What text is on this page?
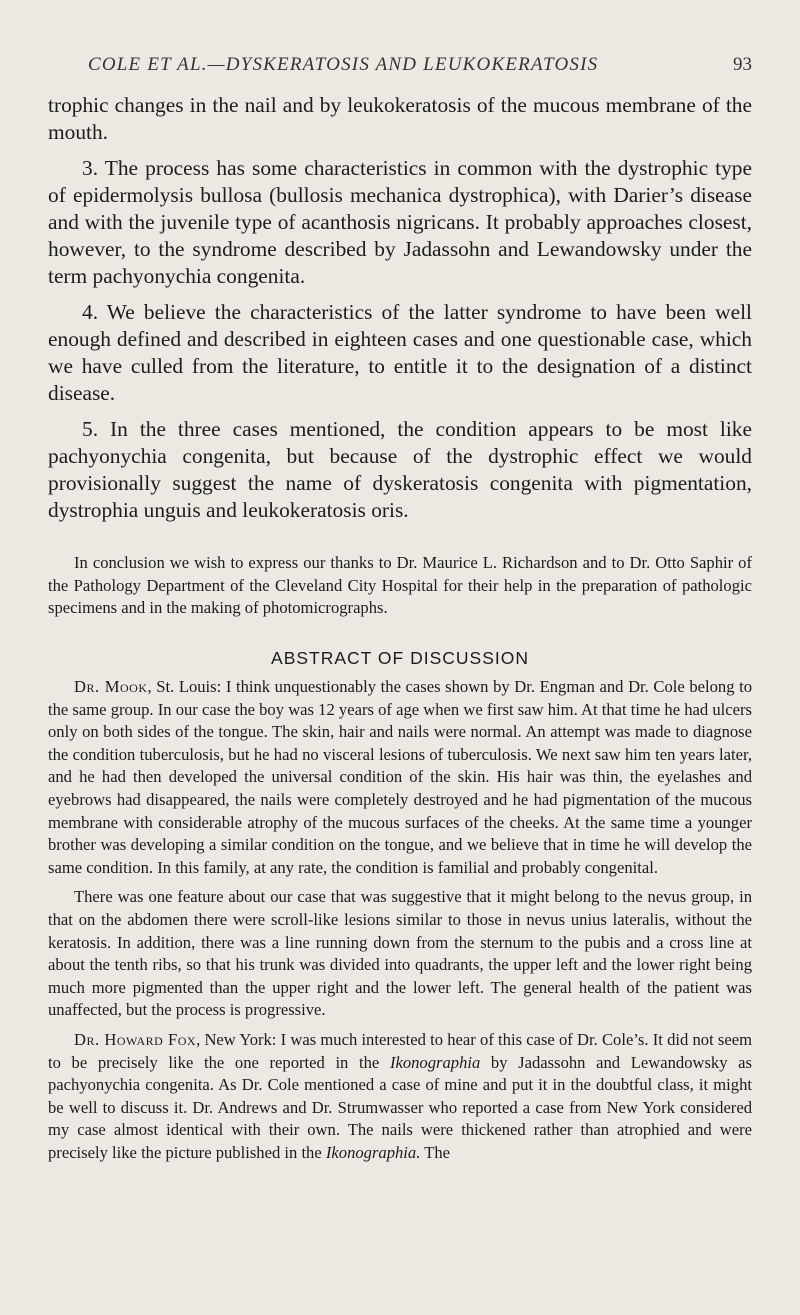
COLE ET AL.—DYSKERATOSIS AND LEUKOKERATOSIS	93

trophic changes in the nail and by leukokeratosis of the mucous membrane of the mouth.

3. The process has some characteristics in common with the dystrophic type of epidermolysis bullosa (bullosis mechanica dystrophica), with Darier’s disease and with the juvenile type of acanthosis nigricans. It probably approaches closest, however, to the syndrome described by Jadassohn and Lewandowsky under the term pachyonychia congenita.

4. We believe the characteristics of the latter syndrome to have been well enough defined and described in eighteen cases and one questionable case, which we have culled from the literature, to entitle it to the designation of a distinct disease.

5. In the three cases mentioned, the condition appears to be most like pachyonychia congenita, but because of the dystrophic effect we would provisionally suggest the name of dyskeratosis congenita with pigmentation, dystrophia unguis and leukokeratosis oris.

In conclusion we wish to express our thanks to Dr. Maurice L. Richardson and to Dr. Otto Saphir of the Pathology Department of the Cleveland City Hospital for their help in the preparation of pathologic specimens and in the making of photomicrographs.

ABSTRACT OF DISCUSSION

Dr. Mook, St. Louis: I think unquestionably the cases shown by Dr. Engman and Dr. Cole belong to the same group. In our case the boy was 12 years of age when we first saw him. At that time he had ulcers only on both sides of the tongue. The skin, hair and nails were normal. An attempt was made to diagnose the condition tuberculosis, but he had no visceral lesions of tuberculosis. We next saw him ten years later, and he had then developed the universal condition of the skin. His hair was thin, the eyelashes and eyebrows had disappeared, the nails were completely destroyed and he had pigmentation of the mucous membrane with considerable atrophy of the mucous surfaces of the cheeks. At the same time a younger brother was developing a similar condition on the tongue, and we believe that in time he will develop the same condition. In this family, at any rate, the condition is familial and probably congenital.

There was one feature about our case that was suggestive that it might belong to the nevus group, in that on the abdomen there were scroll-like lesions similar to those in nevus unius lateralis, without the keratosis. In addition, there was a line running down from the sternum to the pubis and a cross line at about the tenth ribs, so that his trunk was divided into quadrants, the upper left and the lower right being much more pigmented than the upper right and the lower left. The general health of the patient was unaffected, but the process is progressive.

Dr. Howard Fox, New York: I was much interested to hear of this case of Dr. Cole’s. It did not seem to be precisely like the one reported in the Ikonographia by Jadassohn and Lewandowsky as pachyonychia congenita. As Dr. Cole mentioned a case of mine and put it in the doubtful class, it might be well to discuss it. Dr. Andrews and Dr. Strumwasser who reported a case from New York considered my case almost identical with their own. The nails were thickened rather than atrophied and were precisely like the picture published in the Ikonographia. The
